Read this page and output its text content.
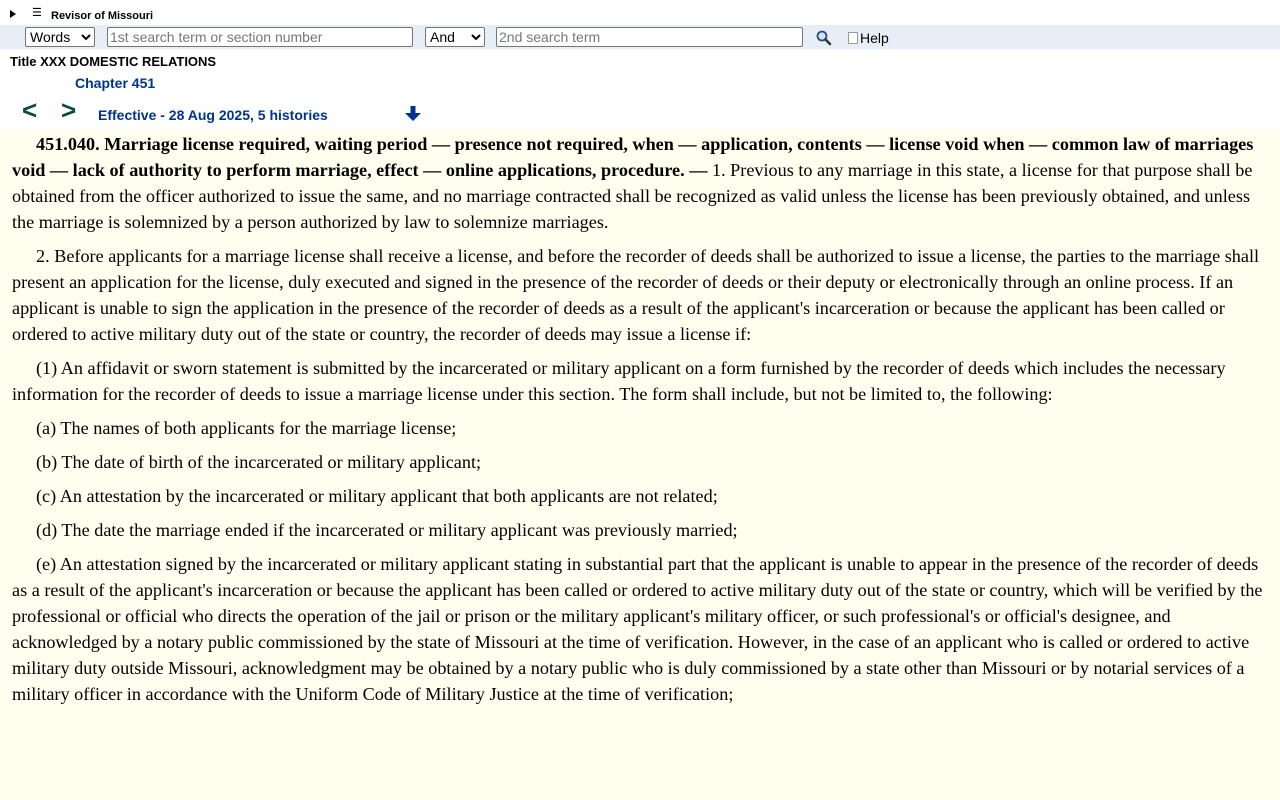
☰ Revisor of Missouri
Words
1st search term or section number
And
2nd search term
Help
Title XXX DOMESTIC RELATIONS
Chapter 451
< > Effective - 28 Aug 2025, 5 histories

451.040. Marriage license required, waiting period — presence not required, when — application, contents — license void when — common law of marriages void — lack of authority to perform marriage, effect — online applications, procedure. — 1. Previous to any marriage in this state, a license for that purpose shall be obtained from the officer authorized to issue the same, and no marriage contracted shall be recognized as valid unless the license has been previously obtained, and unless the marriage is solemnized by a person authorized by law to solemnize marriages.

2. Before applicants for a marriage license shall receive a license, and before the recorder of deeds shall be authorized to issue a license, the parties to the marriage shall present an application for the license, duly executed and signed in the presence of the recorder of deeds or their deputy or electronically through an online process. If an applicant is unable to sign the application in the presence of the recorder of deeds as a result of the applicant's incarceration or because the applicant has been called or ordered to active military duty out of the state or country, the recorder of deeds may issue a license if:

(1) An affidavit or sworn statement is submitted by the incarcerated or military applicant on a form furnished by the recorder of deeds which includes the necessary information for the recorder of deeds to issue a marriage license under this section. The form shall include, but not be limited to, the following:

(a) The names of both applicants for the marriage license;

(b) The date of birth of the incarcerated or military applicant;

(c) An attestation by the incarcerated or military applicant that both applicants are not related;

(d) The date the marriage ended if the incarcerated or military applicant was previously married;

(e) An attestation signed by the incarcerated or military applicant stating in substantial part that the applicant is unable to appear in the presence of the recorder of deeds as a result of the applicant's incarceration or because the applicant has been called or ordered to active military duty out of the state or country, which will be verified by the professional or official who directs the operation of the jail or prison or the military applicant's military officer, or such professional's or official's designee, and acknowledged by a notary public commissioned by the state of Missouri at the time of verification. However, in the case of an applicant who is called or ordered to active military duty outside Missouri, acknowledgment may be obtained by a notary public who is duly commissioned by a state other than Missouri or by notarial services of a military officer in accordance with the Uniform Code of Military Justice at the time of verification;
